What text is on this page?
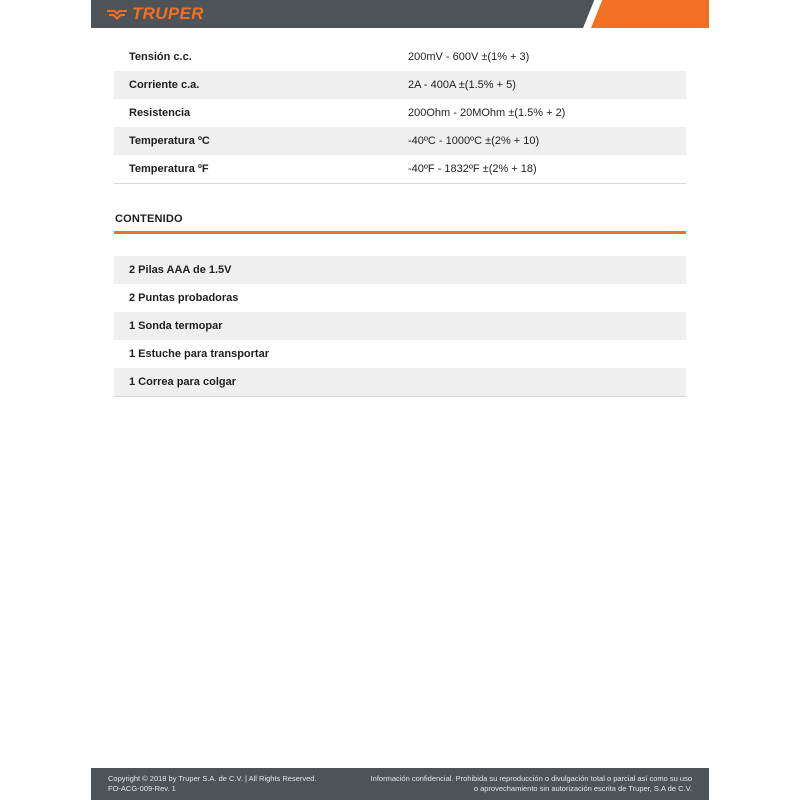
TRUPER
Tensión c.c.	200mV - 600V ±(1% + 3)
Corriente c.a.	2A - 400A ±(1.5% + 5)
Resistencia	200Ohm - 20MOhm ±(1.5% + 2)
Temperatura ºC	-40ºC - 1000ºC ±(2% + 10)
Temperatura ºF	-40ºF - 1832ºF ±(2% + 18)
CONTENIDO
2 Pilas AAA de 1.5V
2 Puntas probadoras
1 Sonda termopar
1 Estuche para transportar
1 Correa para colgar
Copyright © 2018 by Truper S.A. de C.V. | All Rights Reserved.
FO-ACG-009-Rev. 1
Información confidencial. Prohibida su reproducción o divulgación total o parcial así como su uso
o aprovechamiento sin autorización escrita de Truper, S.A de C.V.
